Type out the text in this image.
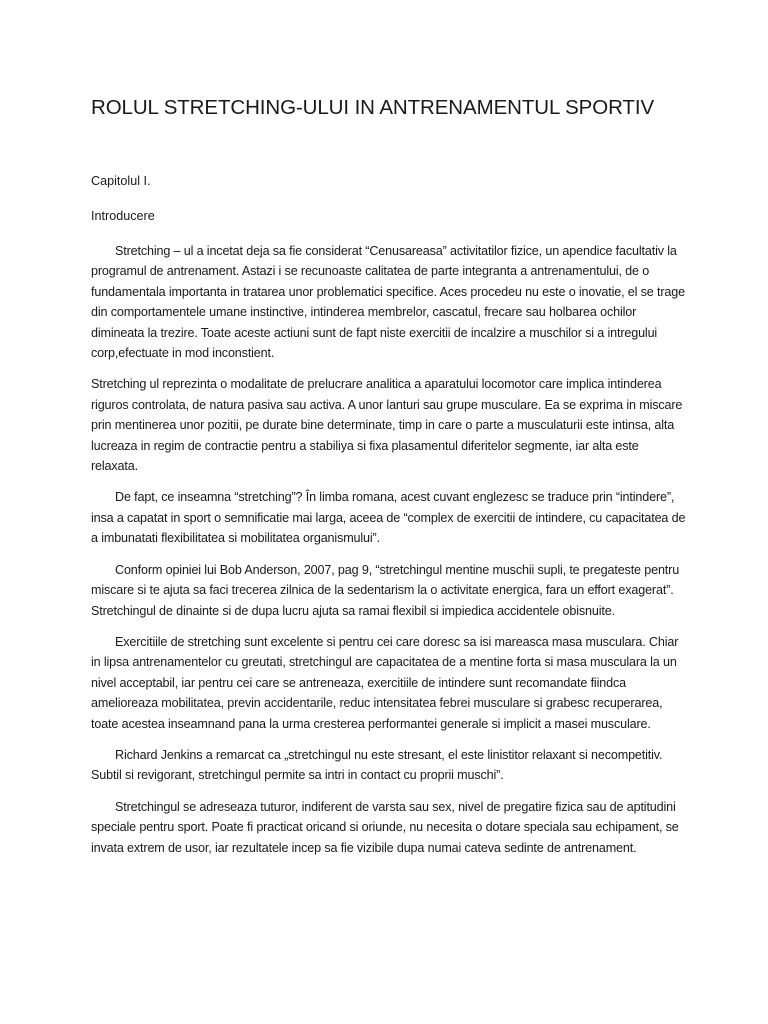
ROLUL STRETCHING-ULUI IN ANTRENAMENTUL SPORTIV

Capitolul I.

Introducere

Stretching – ul a incetat deja sa fie considerat “Cenusareasa” activitatilor fizice, un apendice facultativ la programul de antrenament. Astazi i se recunoaste calitatea de parte integranta a antrenamentului, de o fundamentala importanta in tratarea unor problematici specifice. Aces procedeu nu este o inovatie, el se trage din comportamentele umane instinctive, intinderea membrelor, cascatul, frecare sau holbarea ochilor dimineata la trezire. Toate aceste actiuni sunt de fapt niste exercitii de incalzire a muschilor si a intregului corp,efectuate in mod inconstient.

Stretching ul reprezinta o modalitate de prelucrare analitica a aparatului locomotor care implica intinderea riguros controlata, de natura pasiva sau activa. A unor lanturi sau grupe musculare. Ea se exprima in miscare prin mentinerea unor pozitii, pe durate bine determinate, timp in care o parte a musculaturii este intinsa, alta lucreaza in regim de contractie pentru a stabiliya si fixa plasamentul diferitelor segmente, iar alta este relaxata.

De fapt, ce inseamna “stretching”? În limba romana, acest cuvant englezesc se traduce prin “intindere”, insa a capatat in sport o semnificatie mai larga, aceea de “complex de exercitii de intindere, cu capacitatea de a imbunatati flexibilitatea si mobilitatea organismului”.

Conform opiniei lui Bob Anderson, 2007, pag 9, “stretchingul mentine muschii supli, te pregateste pentru miscare si te ajuta sa faci trecerea zilnica de la sedentarism la o activitate energica, fara un effort exagerat”. Stretchingul de dinainte si de dupa lucru ajuta sa ramai flexibil si impiedica accidentele obisnuite.

Exercitiile de stretching sunt excelente si pentru cei care doresc sa isi mareasca masa musculara. Chiar in lipsa antrenamentelor cu greutati, stretchingul are capacitatea de a mentine forta si masa musculara la un nivel acceptabil, iar pentru cei care se antreneaza, exercitiile de intindere sunt recomandate fiindca amelioreaza mobilitatea, previn accidentarile, reduc intensitatea febrei musculare si grabesc recuperarea, toate acestea inseamnand pana la urma cresterea performantei generale si implicit a masei musculare.

Richard Jenkins a remarcat ca „stretchingul nu este stresant, el este linistitor relaxant si necompetitiv. Subtil si revigorant, stretchingul permite sa intri in contact cu proprii muschi”.

Stretchingul se adreseaza tuturor, indiferent de varsta sau sex, nivel de pregatire fizica sau de aptitudini speciale pentru sport. Poate fi practicat oricand si oriunde, nu necesita o dotare speciala sau echipament, se invata extrem de usor, iar rezultatele incep sa fie vizibile dupa numai cateva sedinte de antrenament.
